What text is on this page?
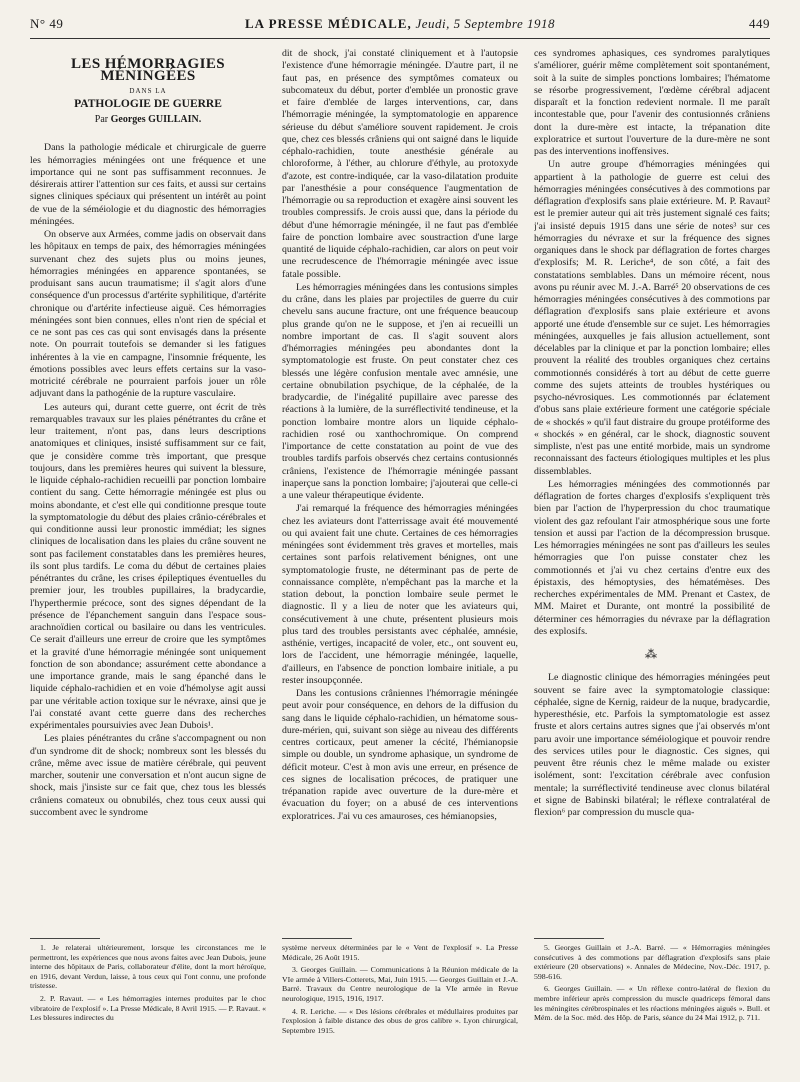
N° 49	LA PRESSE MÉDICALE, Jeudi, 5 Septembre 1918	449
LES HÉMORRAGIES MÉNINGÉES
DANS LA
PATHOLOGIE DE GUERRE
Par Georges GUILLAIN.

Dans la pathologie médicale et chirurgicale de guerre les hémorragies méningées ont une fréquence et une importance qui ne sont pas suffisamment reconnues. Je désirerais attirer l'attention sur ces faits, et aussi sur certains signes cliniques spéciaux qui présentent un intérêt au point de vue de la séméiologie et du diagnostic des hémorragies méningées.

On observe aux Armées, comme jadis on observait dans les hôpitaux en temps de paix, des hémorragies méningées survenant chez des sujets plus ou moins jeunes, hémorragies méningées en apparence spontanées, se produisant sans aucun traumatisme; il s'agit alors d'une conséquence d'un processus d'artérite syphilitique, d'artérite chronique ou d'artérite infectieuse aiguë. Ces hémorragies méningées sont bien connues, elles n'ont rien de spécial et ce ne sont pas ces cas qui sont envisagés dans la présente note. On pourrait toutefois se demander si les fatigues inhérentes à la vie en campagne, l'insomnie fréquente, les émotions possibles avec leurs effets certains sur la vaso-motricité cérébrale ne pourraient parfois jouer un rôle adjuvant dans la pathogénie de la rupture vasculaire.

Les auteurs qui, durant cette guerre, ont écrit de très remarquables travaux sur les plaies pénétrantes du crâne et leur traitement, n'ont pas, dans leurs descriptions anatomiques et cliniques, insisté suffisamment sur ce fait, que je considère comme très important, que presque toujours, dans les premières heures qui suivent la blessure, le liquide céphalo-rachidien recueilli par ponction lombaire contient du sang. Cette hémorragie méningée est plus ou moins abondante, et c'est elle qui conditionne presque toute la symptomatologie du début des plaies crânio-cérébrales et qui conditionne aussi leur pronostic immédiat; les signes cliniques de localisation dans les plaies du crâne souvent ne sont pas facilement constatables dans les premières heures, ils sont plus tardifs. Le coma du début de certaines plaies pénétrantes du crâne, les crises épileptiques éventuelles du premier jour, les troubles pupillaires, la bradycardie, l'hyperthermie précoce, sont des signes dépendant de la présence de l'épanchement sanguin dans l'espace sous-arachnoïdien cortical ou basilaire ou dans les ventricules. Ce serait d'ailleurs une erreur de croire que les symptômes et la gravité d'une hémorragie méningée sont uniquement fonction de son abondance; assurément cette abondance a une importance grande, mais le sang épanché dans le liquide céphalo-rachidien et en voie d'hémolyse agit aussi par une véritable action toxique sur le névraxe, ainsi que je l'ai constaté avant cette guerre dans des recherches expérimentales poursuivies avec Jean Dubois¹.

Les plaies pénétrantes du crâne s'accompagnent ou non d'un syndrome dit de shock; nombreux sont les blessés du crâne, même avec issue de matière cérébrale, qui peuvent marcher, soutenir une conversation et n'ont aucun signe de shock, mais j'insiste sur ce fait que, chez tous les blessés crâniens comateux ou obnubilés, chez tous ceux aussi qui succombent avec le syndrome

dit de shock, j'ai constaté cliniquement et à l'autopsie l'existence d'une hémorragie méningée. D'autre part, il ne faut pas, en présence des symptômes comateux ou subcomateux du début, porter d'emblée un pronostic grave et faire d'emblée de larges interventions, car, dans l'hémorragie méningée, la symptomatologie en apparence sérieuse du début s'améliore souvent rapidement. Je crois que, chez ces blessés crâniens qui ont saigné dans le liquide céphalo-rachidien, toute anesthésie générale au chloroforme, à l'éther, au chlorure d'éthyle, au protoxyde d'azote, est contre-indiquée, car la vaso-dilatation produite par l'anesthésie a pour conséquence l'augmentation de l'hémorragie ou sa reproduction et exagère ainsi souvent les troubles compressifs. Je crois aussi que, dans la période du début d'une hémorragie méningée, il ne faut pas d'emblée faire de ponction lombaire avec soustraction d'une large quantité de liquide céphalo-rachidien, car alors on peut voir une recrudescence de l'hémorragie méningée avec issue fatale possible.

Les hémorragies méningées dans les contusions simples du crâne, dans les plaies par projectiles de guerre du cuir chevelu sans aucune fracture, ont une fréquence beaucoup plus grande qu'on ne le suppose, et j'en ai recueilli un nombre important de cas. Il s'agit souvent alors d'hémorragies méningées peu abondantes dont la symptomatologie est fruste. On peut constater chez ces blessés une légère confusion mentale avec amnésie, une certaine obnubilation psychique, de la céphalée, de la bradycardie, de l'inégalité pupillaire avec paresse des réactions à la lumière, de la surréflectivité tendineuse, et la ponction lombaire montre alors un liquide céphalo-rachidien rosé ou xanthochromique. On comprend l'importance de cette constatation au point de vue des troubles tardifs parfois observés chez certains contusionnés crâniens, l'existence de l'hémorragie méningée passant inaperçue sans la ponction lombaire; j'ajouterai que celle-ci a une valeur thérapeutique évidente.

J'ai remarqué la fréquence des hémorragies méningées chez les aviateurs dont l'atterrissage avait été mouvementé ou qui avaient fait une chute. Certaines de ces hémorragies méningées sont évidemment très graves et mortelles, mais certaines sont parfois relativement bénignes, ont une symptomatologie fruste, ne déterminant pas de perte de connaissance complète, n'empêchant pas la marche et la station debout, la ponction lombaire seule permet le diagnostic. Il y a lieu de noter que les aviateurs qui, consécutivement à une chute, présentent plusieurs mois plus tard des troubles persistants avec céphalée, amnésie, asthénie, vertiges, incapacité de voler, etc., ont souvent eu, lors de l'accident, une hémorragie méningée, laquelle, d'ailleurs, en l'absence de ponction lombaire initiale, a pu rester insoupçonnée.

Dans les contusions crâniennes l'hémorragie méningée peut avoir pour conséquence, en dehors de la diffusion du sang dans le liquide céphalo-rachidien, un hématome sous-dure-mérien, qui, suivant son siège au niveau des différents centres corticaux, peut amener la cécité, l'hémianopsie simple ou double, un syndrome aphasique, un syndrome de déficit moteur. C'est à mon avis une erreur, en présence de ces signes de localisation précoces, de pratiquer une trépanation rapide avec ouverture de la dure-mère et évacuation du foyer; on a abusé de ces interventions exploratrices. J'ai vu ces amauroses, ces hémianopsies,

ces syndromes aphasiques, ces syndromes paralytiques s'améliorer, guérir même complètement soit spontanément, soit à la suite de simples ponctions lombaires; l'hématome se résorbe progressivement, l'œdème cérébral adjacent disparaît et la fonction redevient normale. Il me paraît incontestable que, pour l'avenir des contusionnés crâniens dont la dure-mère est intacte, la trépanation dite exploratrice et surtout l'ouverture de la dure-mère ne sont pas des interventions inoffensives.

Un autre groupe d'hémorragies méningées qui appartient à la pathologie de guerre est celui des hémorragies méningées consécutives à des commotions par déflagration d'explosifs sans plaie extérieure. M. P. Ravaut² est le premier auteur qui ait très justement signalé ces faits; j'ai insisté depuis 1915 dans une série de notes³ sur ces hémorragies du névraxe et sur la fréquence des signes organiques dans le shock par déflagration de fortes charges d'explosifs; M. R. Leriche⁴, de son côté, a fait des constatations semblables. Dans un mémoire récent, nous avons pu réunir avec M. J.-A. Barré⁵ 20 observations de ces hémorragies méningées consécutives à des commotions par déflagration d'explosifs sans plaie extérieure et avons apporté une étude d'ensemble sur ce sujet. Les hémorragies méningées, auxquelles je fais allusion actuellement, sont décelables par la clinique et par la ponction lombaire; elles prouvent la réalité des troubles organiques chez certains commotionnés considérés à tort au début de cette guerre comme des sujets atteints de troubles hystériques ou psycho-névrosiques. Les commotionnés par éclatement d'obus sans plaie extérieure forment une catégorie spéciale de « shockés » qu'il faut distraire du groupe protéiforme des « shockés » en général, car le shock, diagnostic souvent simpliste, n'est pas une entité morbide, mais un syndrome reconnaissant des facteurs étiologiques multiples et les plus dissemblables.

Les hémorragies méningées des commotionnés par déflagration de fortes charges d'explosifs s'expliquent très bien par l'action de l'hyperpression du choc traumatique violent des gaz refoulant l'air atmosphérique sous une forte tension et aussi par l'action de la décompression brusque. Les hémorragies méningées ne sont pas d'ailleurs les seules hémorragies que l'on puisse constater chez les commotionnés et j'ai vu chez certains d'entre eux des épistaxis, des hémoptysies, des hématémèses. Des recherches expérimentales de MM. Prenant et Castex, de MM. Mairet et Durante, ont montré la possibilité de déterminer ces hémorragies du névraxe par la déflagration des explosifs.

⁂

Le diagnostic clinique des hémorragies méningées peut souvent se faire avec la symptomatologie classique: céphalée, signe de Kernig, raideur de la nuque, bradycardie, hyperesthésie, etc. Parfois la symptomatologie est assez fruste et alors certains autres signes que j'ai observés m'ont paru avoir une importance séméiologique et pouvoir rendre des services utiles pour le diagnostic. Ces signes, qui peuvent être réunis chez le même malade ou exister isolément, sont: l'excitation cérébrale avec confusion mentale; la surréflectivité tendineuse avec clonus bilatéral et signe de Babinski bilatéral; le réflexe contralatéral de flexion⁶ par compression du muscle qua-

1. Je relaterai ultérieurement, lorsque les circonstances me le permettront, les expériences que nous avons faites avec Jean Dubois, jeune interne des hôpitaux de Paris, collaborateur d'élite, dont la mort héroïque, en 1916, devant Verdun, laisse, à tous ceux qui l'ont connu, une profonde tristesse.

2. P. Ravaut. — « Les hémorragies internes produites par le choc vibratoire de l'explosif ». La Presse Médicale, 8 Avril 1915. — P. Ravaut. « Les blessures indirectes du

système nerveux déterminées par le « Vent de l'explosif ». La Presse Médicale, 26 Août 1915.

3. Georges Guillain. — Communications à la Réunion médicale de la VIe armée à Villers-Cotterets, Mai, Juin 1915. — Georges Guillain et J.-A. Barré. Travaux du Centre neurologique de la VIe armée in Revue neurologique, 1915, 1916, 1917.

4. R. Leriche. — « Des lésions cérébrales et médullaires produites par l'explosion à faible distance des obus de gros calibre ». Lyon chirurgical, Septembre 1915.

5. Georges Guillain et J.-A. Barré. — « Hémorragies méningées consécutives à des commotions par déflagration d'explosifs sans plaie extérieure (20 observations) ». Annales de Médecine, Nov.-Déc. 1917, p. 598-616.

6. Georges Guillain. — « Un réflexe contro-latéral de flexion du membre inférieur après compression du muscle quadriceps fémoral dans les méningites cérébrospinales et les réactions méningées aiguës ». Bull. et Mém. de la Soc. méd. des Hôp. de Paris, séance du 24 Mai 1912, p. 711.
